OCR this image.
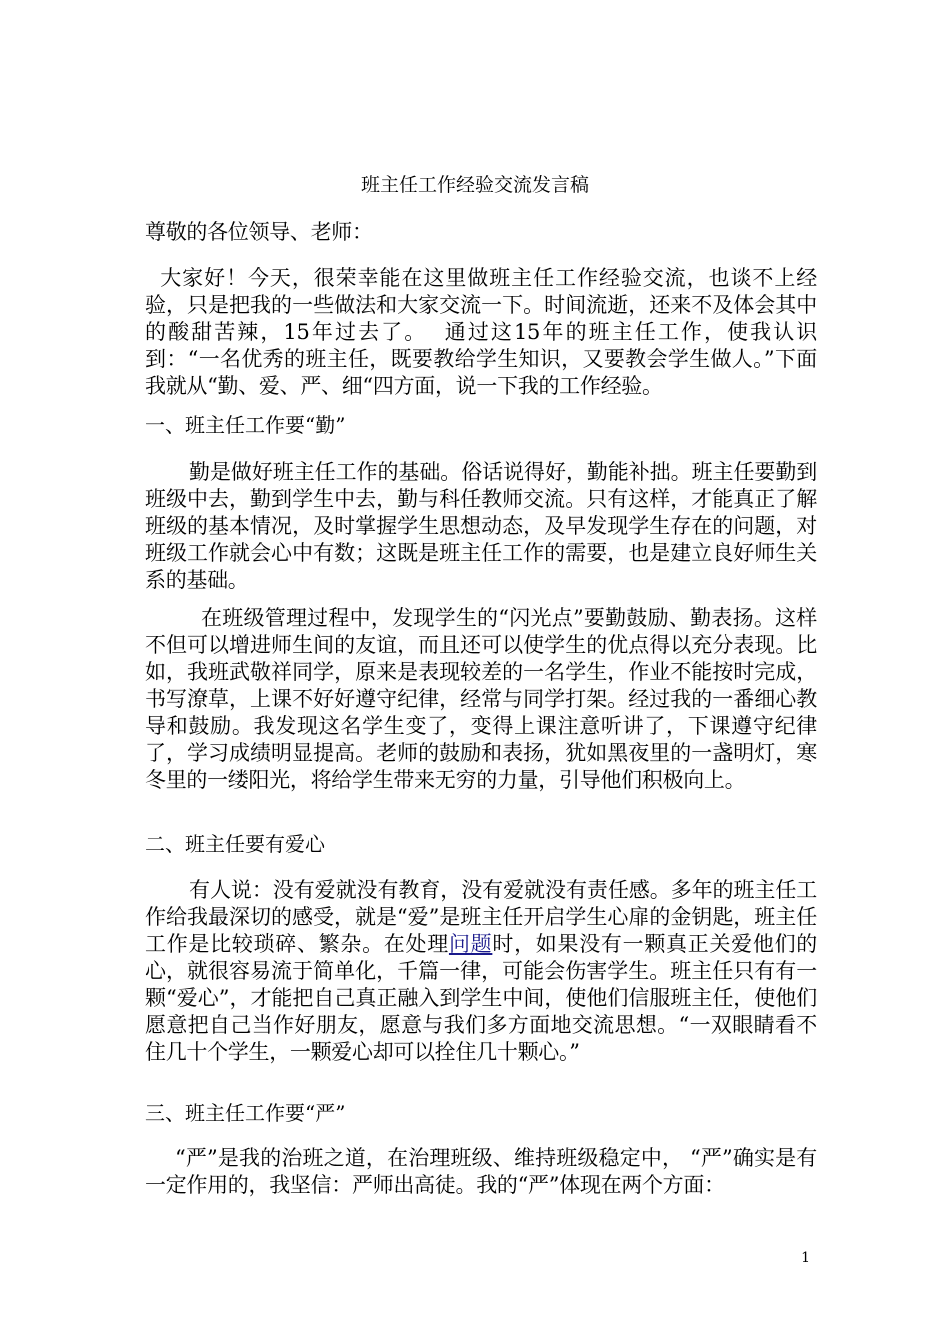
班主任工作经验交流发言稿
尊敬的各位领导、老师：
大家好！今天，很荣幸能在这里做班主任工作经验交流，也谈不上经验，只是把我的一些做法和大家交流一下。时间流逝，还来不及体会其中的酸甜苦辣，15年过去了。  通过这15年的班主任工作，使我认识到：“一名优秀的班主任，既要教给学生知识，又要教会学生做人。”下面我就从“勤、爱、严、细“四方面，说一下我的工作经验。
一、班主任工作要“勤”
勤是做好班主任工作的基础。俗话说得好，勤能补拙。班主任要勤到班级中去，勤到学生中去，勤与科任教师交流。只有这样，才能真正了解班级的基本情况，及时掌握学生思想动态，及早发现学生存在的问题，对班级工作就会心中有数；这既是班主任工作的需要，也是建立良好师生关系的基础。
在班级管理过程中，发现学生的“闪光点”要勤鼓励、勤表扬。这样不但可以增进师生间的友谊，而且还可以使学生的优点得以充分表现。比如，我班武敬祥同学，原来是表现较差的一名学生，作业不能按时完成，书写潦草，上课不好好遵守纪律，经常与同学打架。经过我的一番细心教导和鼓励。我发现这名学生变了，变得上课注意听讲了，下课遵守纪律了，学习成绩明显提高。老师的鼓励和表扬，犹如黑夜里的一盏明灯，寒冬里的一缕阳光，将给学生带来无穷的力量，引导他们积极向上。
二、班主任要有爱心
有人说：没有爱就没有教育，没有爱就没有责任感。多年的班主任工作给我最深切的感受，就是“爱”是班主任开启学生心扉的金钥匙，班主任工作是比较琐碎、繁杂。在处理问题时，如果没有一颗真正关爱他们的心，就很容易流于简单化，千篇一律，可能会伤害学生。班主任只有有一颗“爱心”，才能把自己真正融入到学生中间，使他们信服班主任，使他们愿意把自己当作好朋友，愿意与我们多方面地交流思想。“一双眼睛看不住几十个学生，一颗爱心却可以拴住几十颗心。”
三、班主任工作要“严”
“严”是我的治班之道，在治理班级、维持班级稳定中， “严”确实是有一定作用的，我坚信：严师出高徒。我的“严”体现在两个方面：
1
